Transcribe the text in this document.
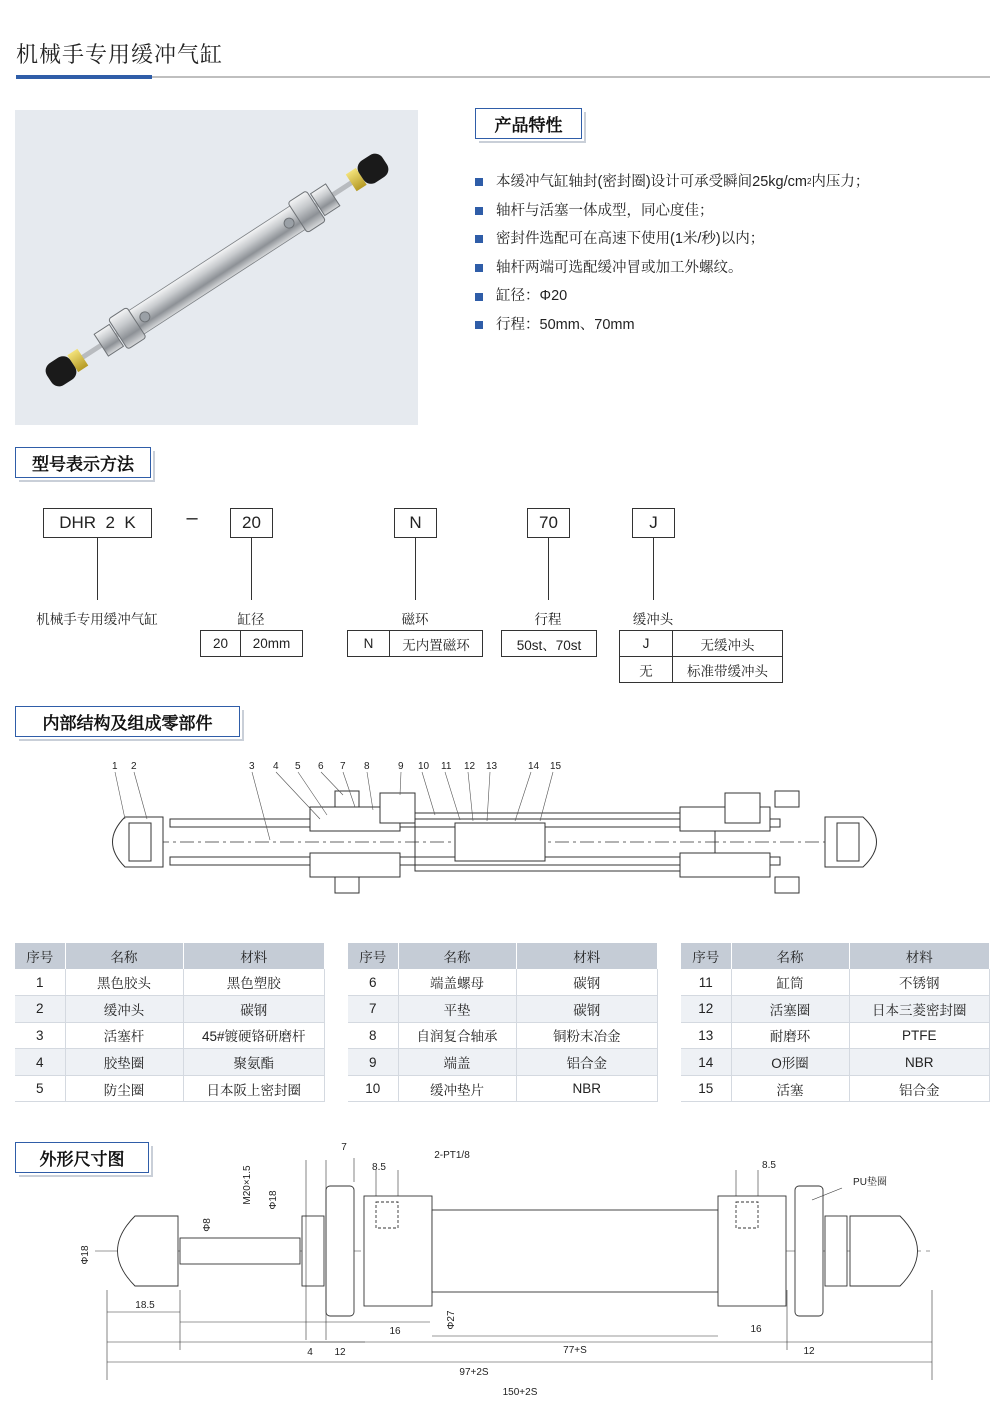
机械手专用缓冲气缸
产品特性
本缓冲气缸轴封(密封圈)设计可承受瞬间25kg/cm 2 内压力；
轴杆与活塞一体成型，同心度佳；
密封件选配可在高速下使用(1米/秒)以内；
轴杆两端可选配缓冲冒或加工外螺纹。
缸径：Φ20
行程：50mm、70mm
型号表示方法
DHR  2  K	–	20	N	70	J
机械手专用缓冲气缸	缸径	磁环	行程	缓冲头
20	20mm	N	无内置磁环	50st、70st	J	无缓冲头
无	标准带缓冲头
内部结构及组成零部件
1 2	3 4 5 6 7 8	9 10 11 12 13	14 15
序号	名称	材料
1	黑色胶头	黑色塑胶
2	缓冲头	碳钢
3	活塞杆	45#镀硬铬研磨杆
4	胶垫圈	聚氨酯
5	防尘圈	日本阪上密封圈
序号	名称	材料
6	端盖螺母	碳钢
7	平垫	碳钢
8	自润复合轴承	铜粉末冶金
9	端盖	铝合金
10	缓冲垫片	NBR
序号	名称	材料
11	缸筒	不锈钢
12	活塞圈	日本三菱密封圈
13	耐磨环	PTFE
14	O形圈	NBR
15	活塞	铝合金
外形尺寸图
Φ18
18.5
Φ8
M20×1.5 Φ18
7
8.5
2-PT1/8
8.5
PU垫圈
Φ27
4 12
16
77+S
16
12
97+2S
150+2S
